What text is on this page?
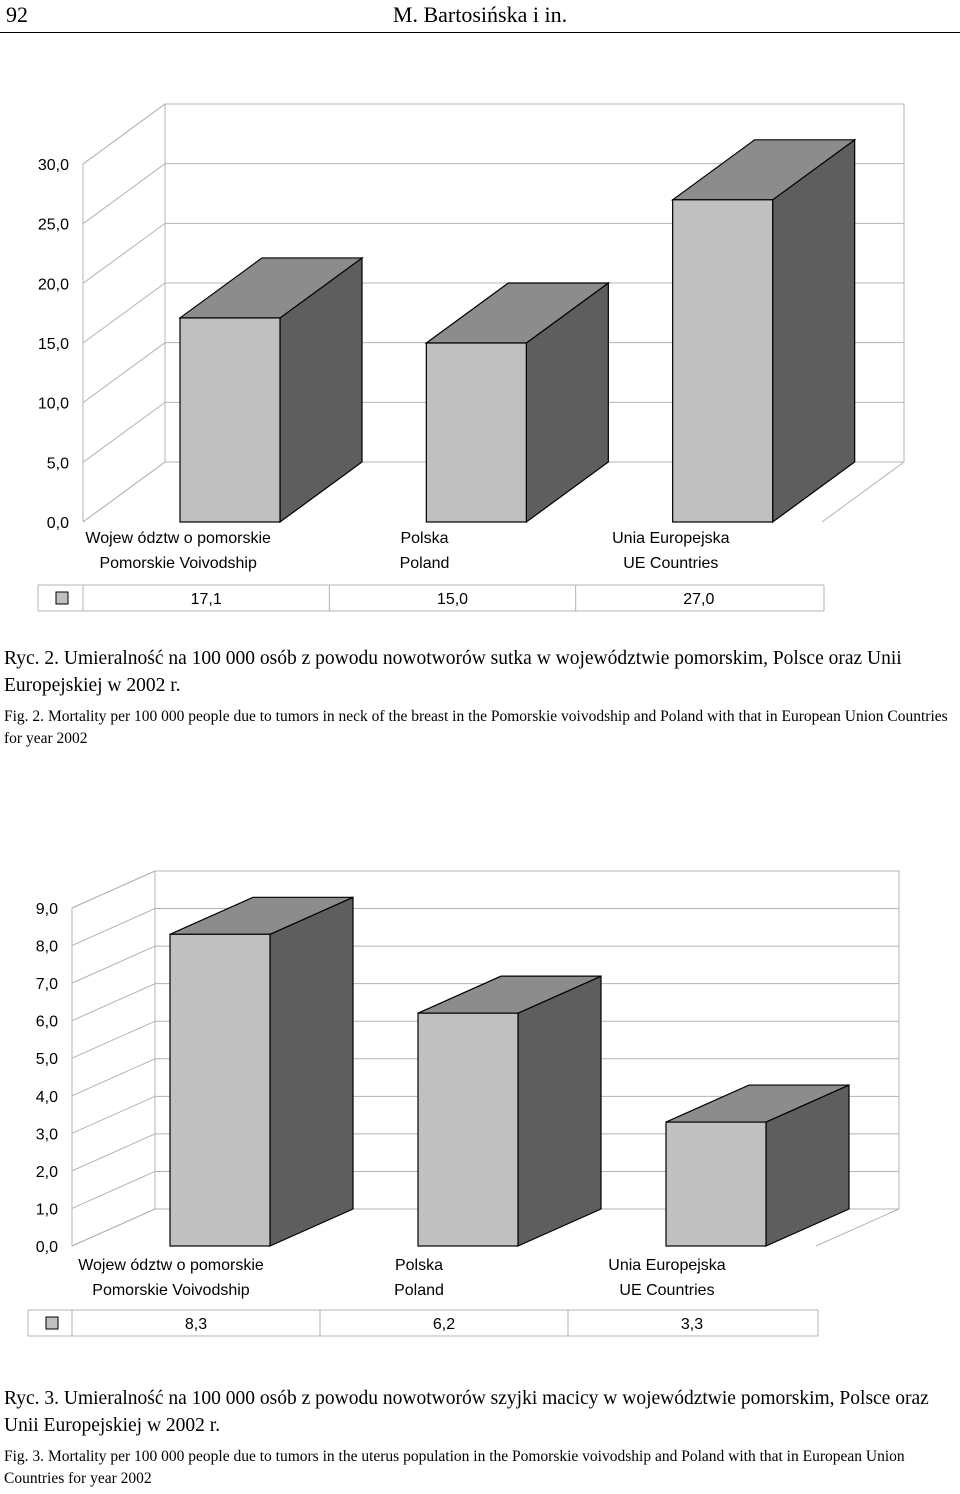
92	M. Bartosińska i in.
0,0
5,0
10,0
15,0
20,0
25,0
30,0
Wojew ództw o pomorskie
Pomorskie Voivodship
Polska
Poland
Unia Europejska
UE Countries
17,1	15,0	27,0
Ryc. 2. Umieralność na 100 000 osób z powodu nowotworów sutka w województwie pomorskim, Polsce oraz Unii Europejskiej w 2002 r.
Fig. 2. Mortality per 100 000 people due to tumors in neck of the breast in the Pomorskie voivodship and Poland with that in European Union Countries for year 2002
0,0
1,0
2,0
3,0
4,0
5,0
6,0
7,0
8,0
9,0
Wojew ództw o pomorskie
Pomorskie Voivodship
Polska
Poland
Unia Europejska
UE Countries
8,3	6,2	3,3
Ryc. 3. Umieralność na 100 000 osób z powodu nowotworów szyjki macicy w województwie pomorskim, Polsce oraz Unii Europejskiej w 2002 r.
Fig. 3. Mortality per 100 000 people due to tumors in the uterus population in the Pomorskie voivodship and Poland with that in European Union Countries for year 2002
